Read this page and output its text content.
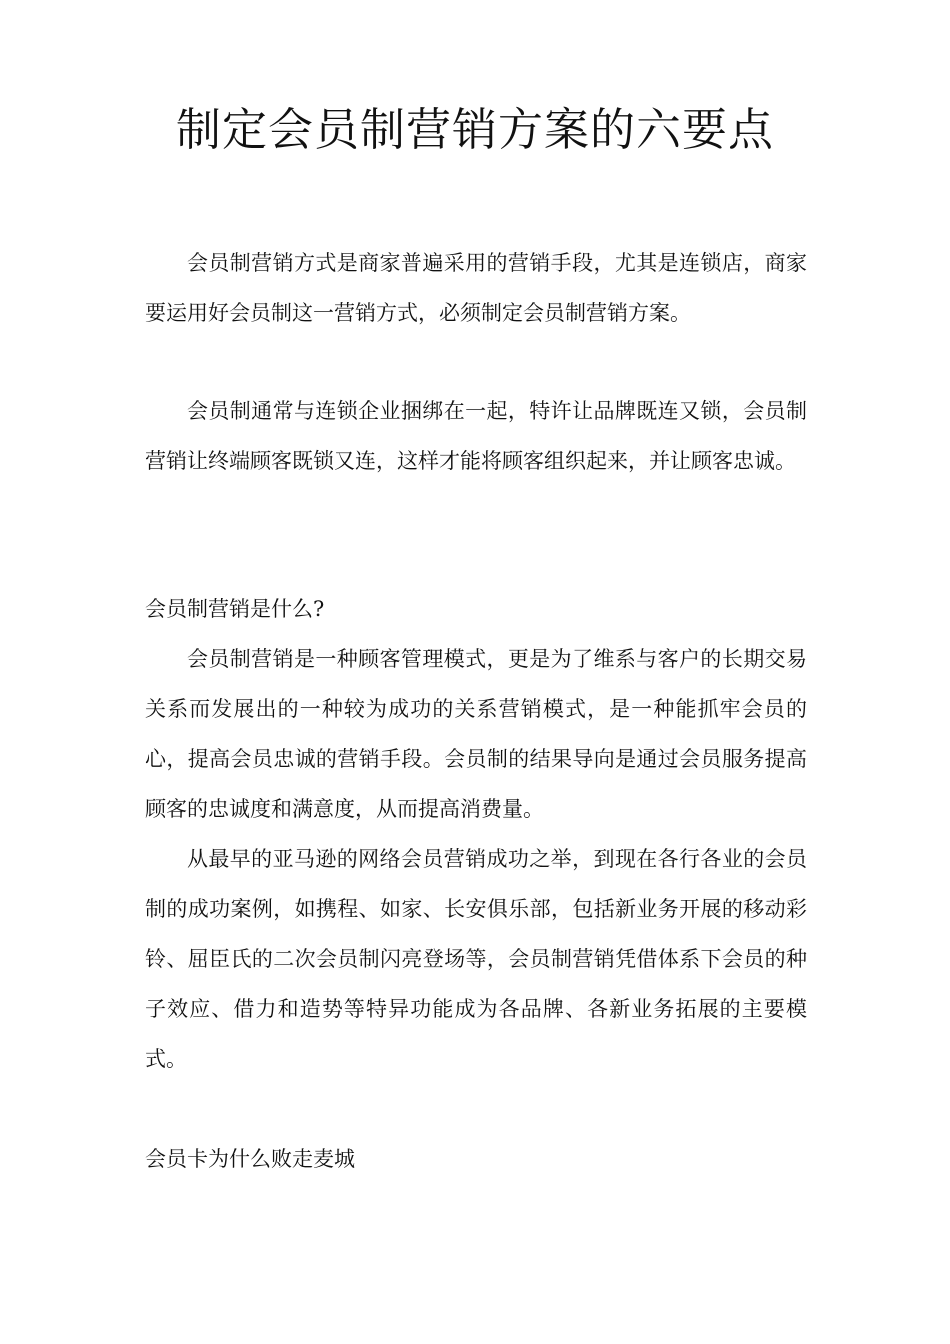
制定会员制营销方案的六要点

会员制营销方式是商家普遍采用的营销手段，尤其是连锁店，商家要运用好会员制这一营销方式，必须制定会员制营销方案。

会员制通常与连锁企业捆绑在一起，特许让品牌既连又锁，会员制营销让终端顾客既锁又连，这样才能将顾客组织起来，并让顾客忠诚。

会员制营销是什么?

会员制营销是一种顾客管理模式，更是为了维系与客户的长期交易关系而发展出的一种较为成功的关系营销模式，是一种能抓牢会员的心，提高会员忠诚的营销手段。会员制的结果导向是通过会员服务提高顾客的忠诚度和满意度，从而提高消费量。

从最早的亚马逊的网络会员营销成功之举，到现在各行各业的会员制的成功案例，如携程、如家、长安俱乐部，包括新业务开展的移动彩铃、屈臣氏的二次会员制闪亮登场等，会员制营销凭借体系下会员的种子效应、借力和造势等特异功能成为各品牌、各新业务拓展的主要模式。

会员卡为什么败走麦城
